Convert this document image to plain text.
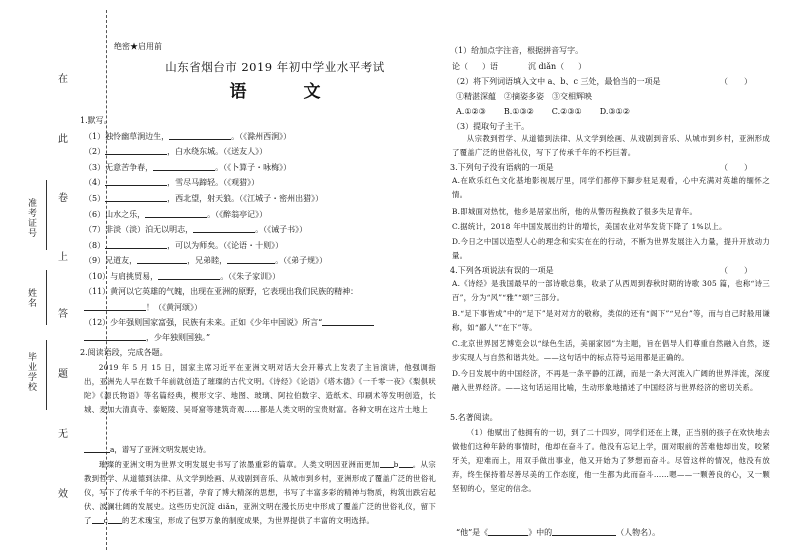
在
此
卷
上
答
题
无
效
准考证号
姓名
毕业学校
绝密★启用前
山东省烟台市 2019 年初中学业水平考试
语　文
1.默写。
（1）独怜幽草涧边生，	。（《滁州西涧》）
（2）	，白水绕东城。（《送友人》）
（3）无意苦争春，	。（《卜算子・咏梅》）
（4）	，雪尽马蹄轻。（《观猎》）
（5）	，西北望，射天狼。（《江城子・密州出猎》）
（6）山水之乐，	。（《醉翁亭记》）
（7）非淡（淡）泊无以明志，	。（《诫子书》）
（8）	，可以为师矣。（《论语・十则》）
（9）兄道友，	，兄弟睦，	。（《弟子规》）
（10）与肩挑贸易，	。（《朱子家训》）
（11）黄河以它英雄的气魄，出现在亚洲的原野，它表现出我们民族的精神：
！（《黄河颂》）
（12）少年强则国家富强，民族有未来。正如《少年中国说》所言“
，少年独则国独。”
2.阅读语段，完成各题。

2019 年 5 月 15 日，国家主席习近平在亚洲文明对话大会开幕式上发表了主旨演讲，他强调指出，亚洲先人早在数千年前就创造了璀璨的古代文明。《诗经》《论语》《塔木德》《一千零一夜》《梨俱吠陀》《源氏物语》等名篇经典，楔形文字、地图、玻璃、阿拉伯数字、造纸术、印刷术等发明创造，长城、麦加大清真寺、泰姬陵、吴哥窟等建筑奇观……都是人类文明的宝贵财富。各种文明在这片土地上

a，谱写了亚洲文明发展史诗。

璀璨的亚洲文明为世界文明发展史书写了浓墨重彩的篇章。人类文明因亚洲而更加 b 。从宗教到哲学、从道德到法律、从文学到绘画、从戏剧到音乐、从城市到乡村，亚洲形成了覆盖广泛的世俗礼仪，写下了传承千年的不朽巨著，孕育了博大精深的思想，书写了丰富多彩的精神与物质，构筑出跌宕起伏、波澜壮阔的发展史。这些历史沉淀 diǎn，亚洲文明在漫长历史中形成了覆盖广泛的世俗礼仪，留下了 c 的艺术瑰宝，形成了包罗万象的制度成果，为世界提供了丰富的文明选择。

（1）给加点字注音，根据拼音写字。
论（ ）语	沉 diǎn（ ）
（2）将下列词语填入文中 a、b、c 三处，最恰当的一项是	（　　）
①精湛深蕴　②摘姿多姿　③交相辉映
A.①②③ B.①③② C.②③① D.③①②
（3）提取句子主干。

从宗教到哲学、从道德到法律、从文学到绘画、从戏剧到音乐、从城市到乡村，亚洲形成了覆盖广泛的世俗礼仪，写下了传承千年的不朽巨著。

3.下列句子没有语病的一项是	（　　）
A.在欧乐红色文化基地影视展厅里，同学们都停下脚步驻足观看，心中充满对英雄的缅怀之情。
B.即城面对热忱，他乡是居家出所，他的从警历程换救了很多失足青年。
C.据统计，2018 年中国发展出约计的增长，美国农业对华发货下降了 1%以上。
D.今日之中国以造型人心的理念和实实在在的行动，不断为世界发展注入力量，提升开放动力量。
4.下列各项说法有误的一项是	（　　）
A.《诗经》是我国最早的一部诗歌总集，收录了从西周到春秋时期的诗歌 305 篇，也称“诗三百”，分为“风”“雅”“颂”三部分。
B.“足下事皆成”中的“足下”是对对方的敬称，类似的还有“阁下”“兄台”等，而与自己时般用谦称，如“鄙人”“在下”等。
C.北京世界园艺博览会以“绿色生活，美丽家园”为主题，旨在倡导人们尊重自然融入自然，逐步实现人与自然和谐共处。——这句话中的标点符号运用都是正确的。
D.今日发展中的中国经济，不再是一条平静的江湖，而是一条大河流入广阔的世界洋流，深度融入世界经济。——这句话运用比喻，生动形象地描述了中国经济与世界经济的密切关系。
5.名著阅读。

（1）他赋出了他拥有的一切，到了二十四岁，同学们还在上课，正当别的孩子在欢快地去做他们这种年龄的事情时，他却在奋斗了。他没有忘记上学，面对眼前的苦难他却出发，咬紧牙关，迎难而上，用双手做出事业，他又开始为了梦想而奋斗。尽管这样的情况，他没有放弃，终生保持着尽善尽美的工作态度，他一生都为此而奋斗……嗯——一颗善良的心，又一颗坚韧的心，坚定的信念。

“他”是《	》中的	（人物名）。
